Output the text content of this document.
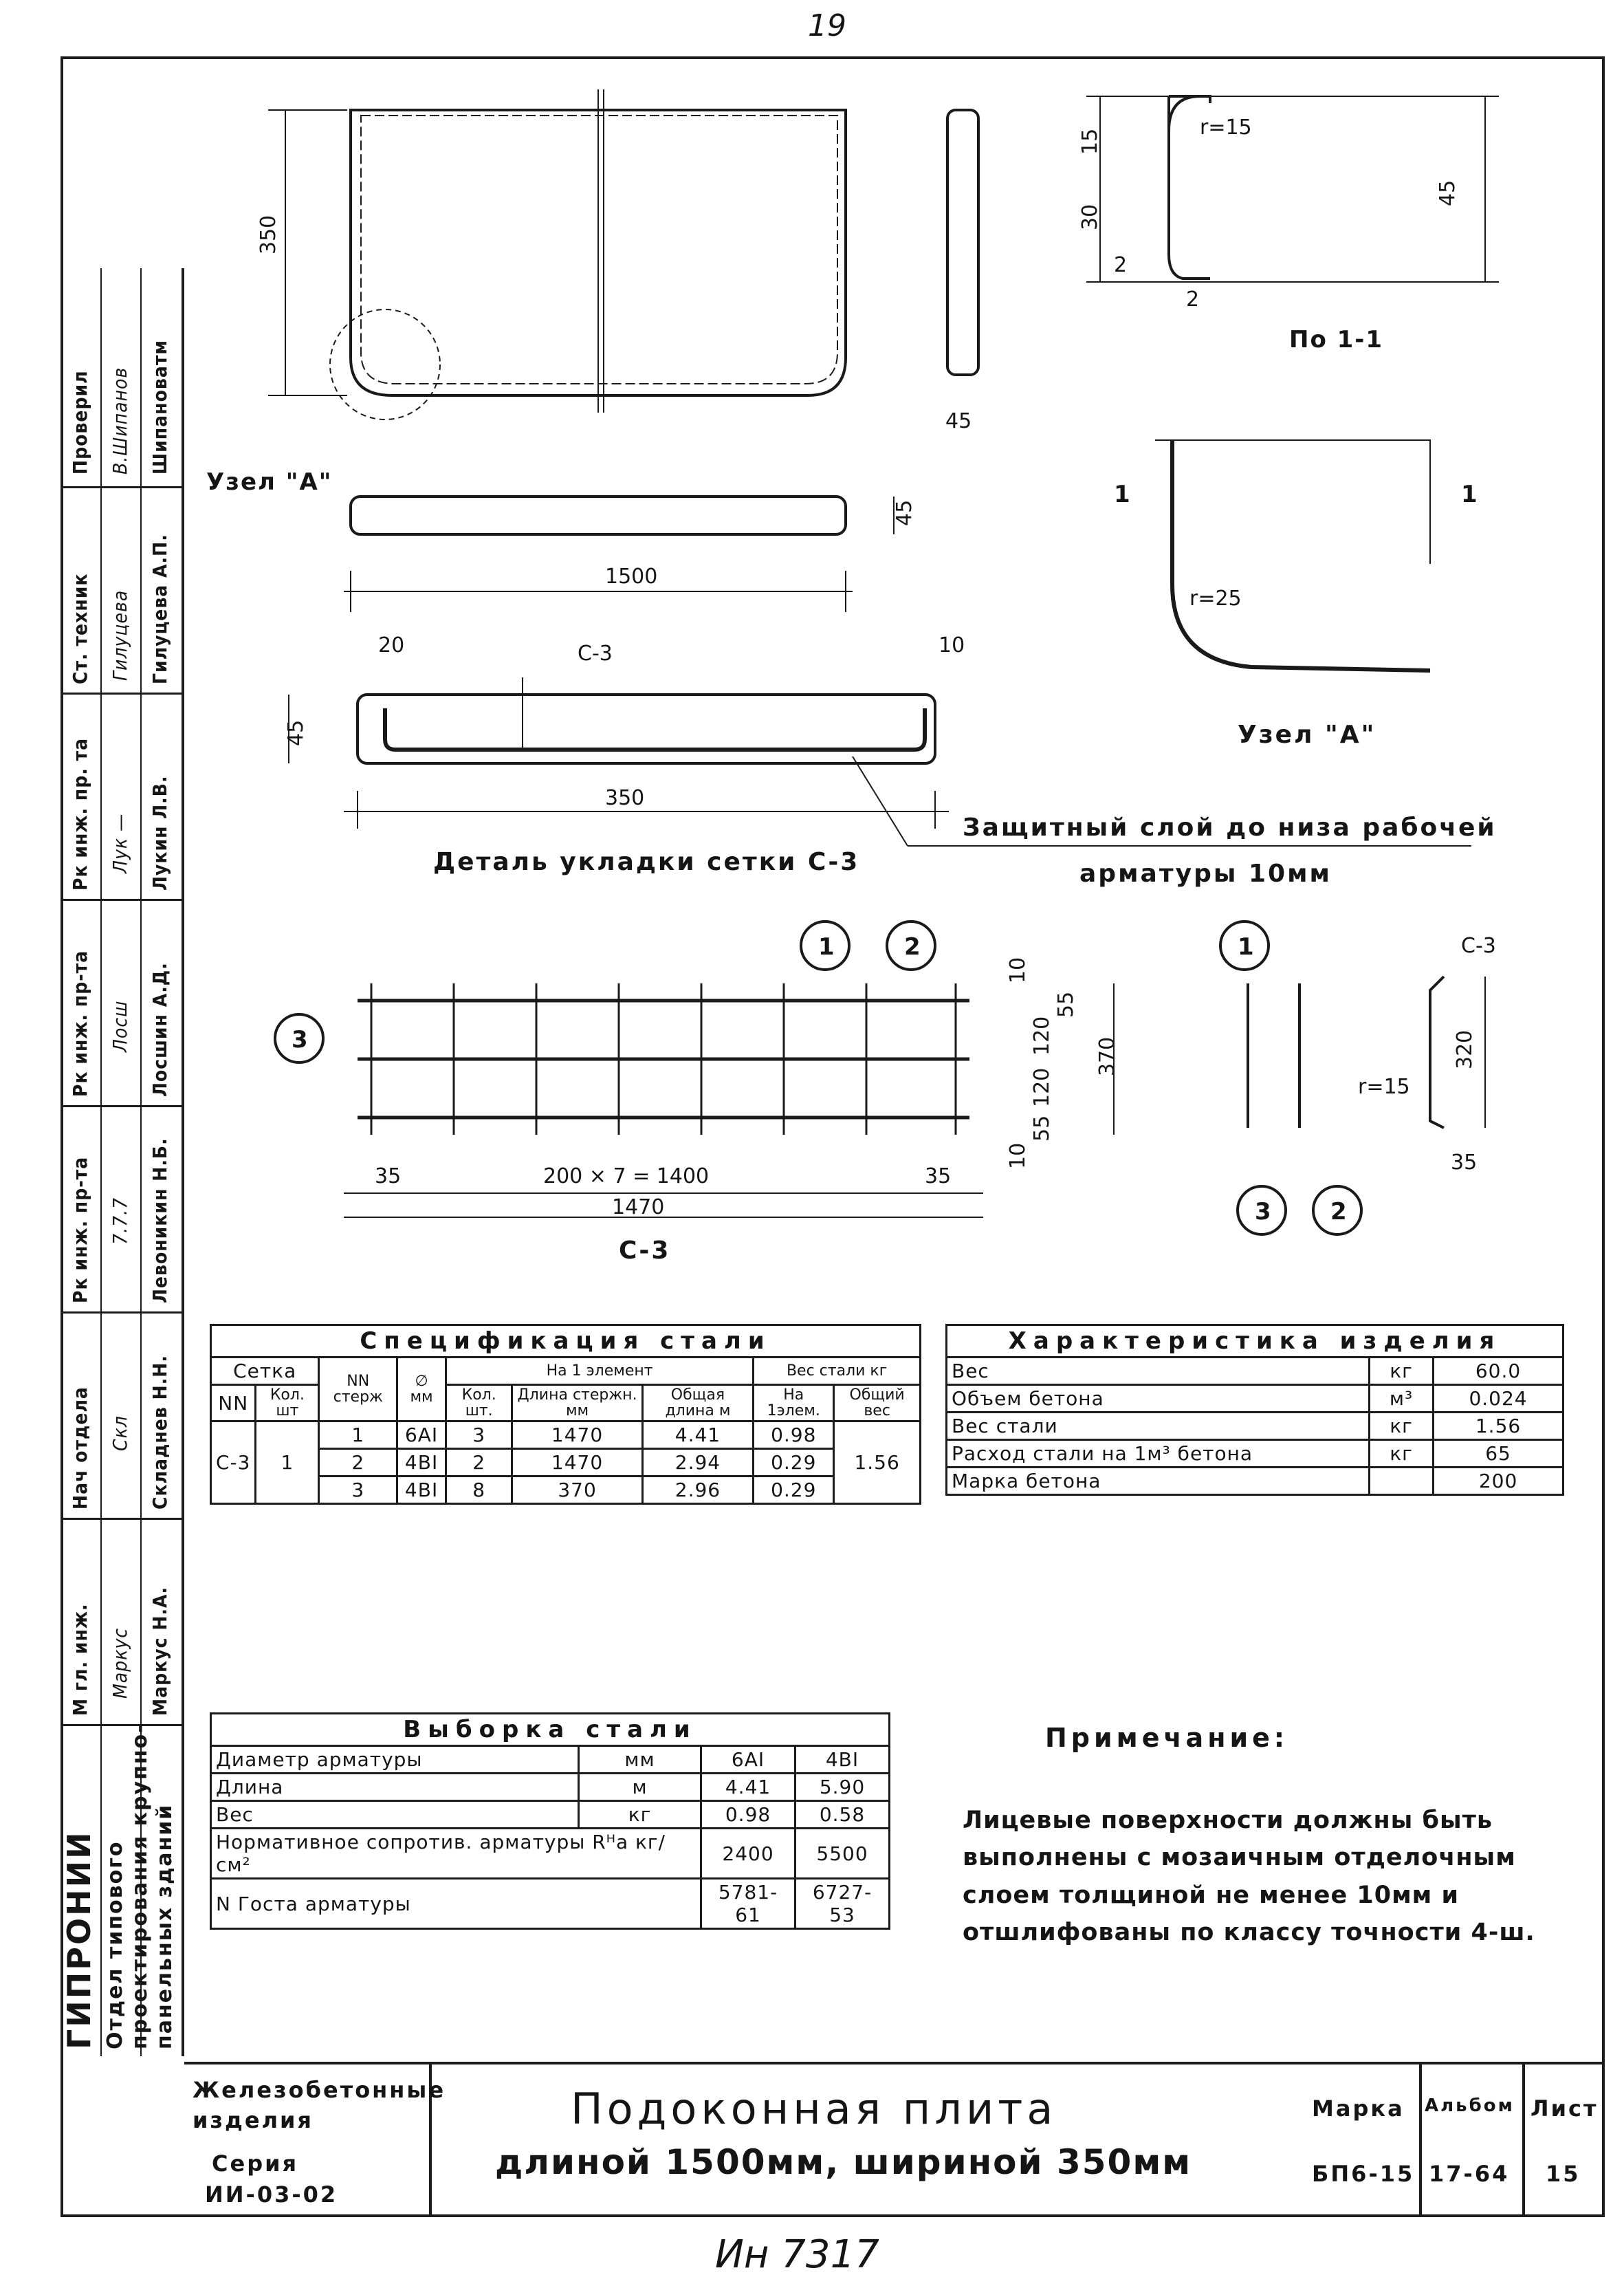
19
Ин 7317
Проверил В.Шипанов Шипановатм
Ст. техник Гилуцева Гилуцева А.П.
Рк инж. пр. та Лук — Лукин Л.В.
Рк инж. пр-та Лосш Лосшин А.Д.
Рк инж. пр-та 7.7.7 Левоникин Н.Б.
Нач отдела Скл Складнев Н.Н.
М гл. инж. Маркус Маркус Н.А.
ГИПРОНИИ Отдел типового проектирования крупно- панельных зданий
350
1500
45
45
Узел "А"
По 1-1
15
30
45
2
2
r=15
1	1
r=25
Узел "А"
20	10
45
350
С-3
Деталь укладки сетки С-3
Защитный слой до низа рабочей
арматуры 10мм
1	2
3
35	35
200 × 7 = 1400
1470
370
10
10
55
55
120
120
С-3
1
3 2
С-3
320
r=15
35
Спецификация стали								
Сетка		NN стерж	∅ мм	На 1 элемент			Вес стали кг	
NN	Кол. шт			Кол. шт.	Длина стержн. мм	Общая длина м	На 1элем.	Общий вес
С-3	1	1	6АI	3	1470	4.41	0.98	1.56
		2	4ВI	2	1470	2.94	0.29	
		3	4ВI	8	370	2.96	0.29	
Характеристика изделия		
Вес	кг	60.0
Объем бетона	м³	0.024
Вес стали	кг	1.56
Расход стали на 1м³ бетона	кг	65
Марка бетона		200
Выборка стали			
Диаметр арматуры	мм	6АI	4ВI
Длина	м	4.41	5.90
Вес	кг	0.98	0.58
Нормативное сопротив. арматуры Rᴴа кг/см²		2400	5500
N Госта арматуры		5781-61	6727-53
Примечание:
Лицевые поверхности должны быть выполнены с мозаичным отделочным слоем толщиной не менее 10мм и отшлифованы по классу точности 4-ш.
Железобетонные
изделия
Серия
ИИ-03-02
Марка
БП6-15
Альбом
17-64
Лист
15
Подоконная плита
длиной 1500мм, шириной 350мм
